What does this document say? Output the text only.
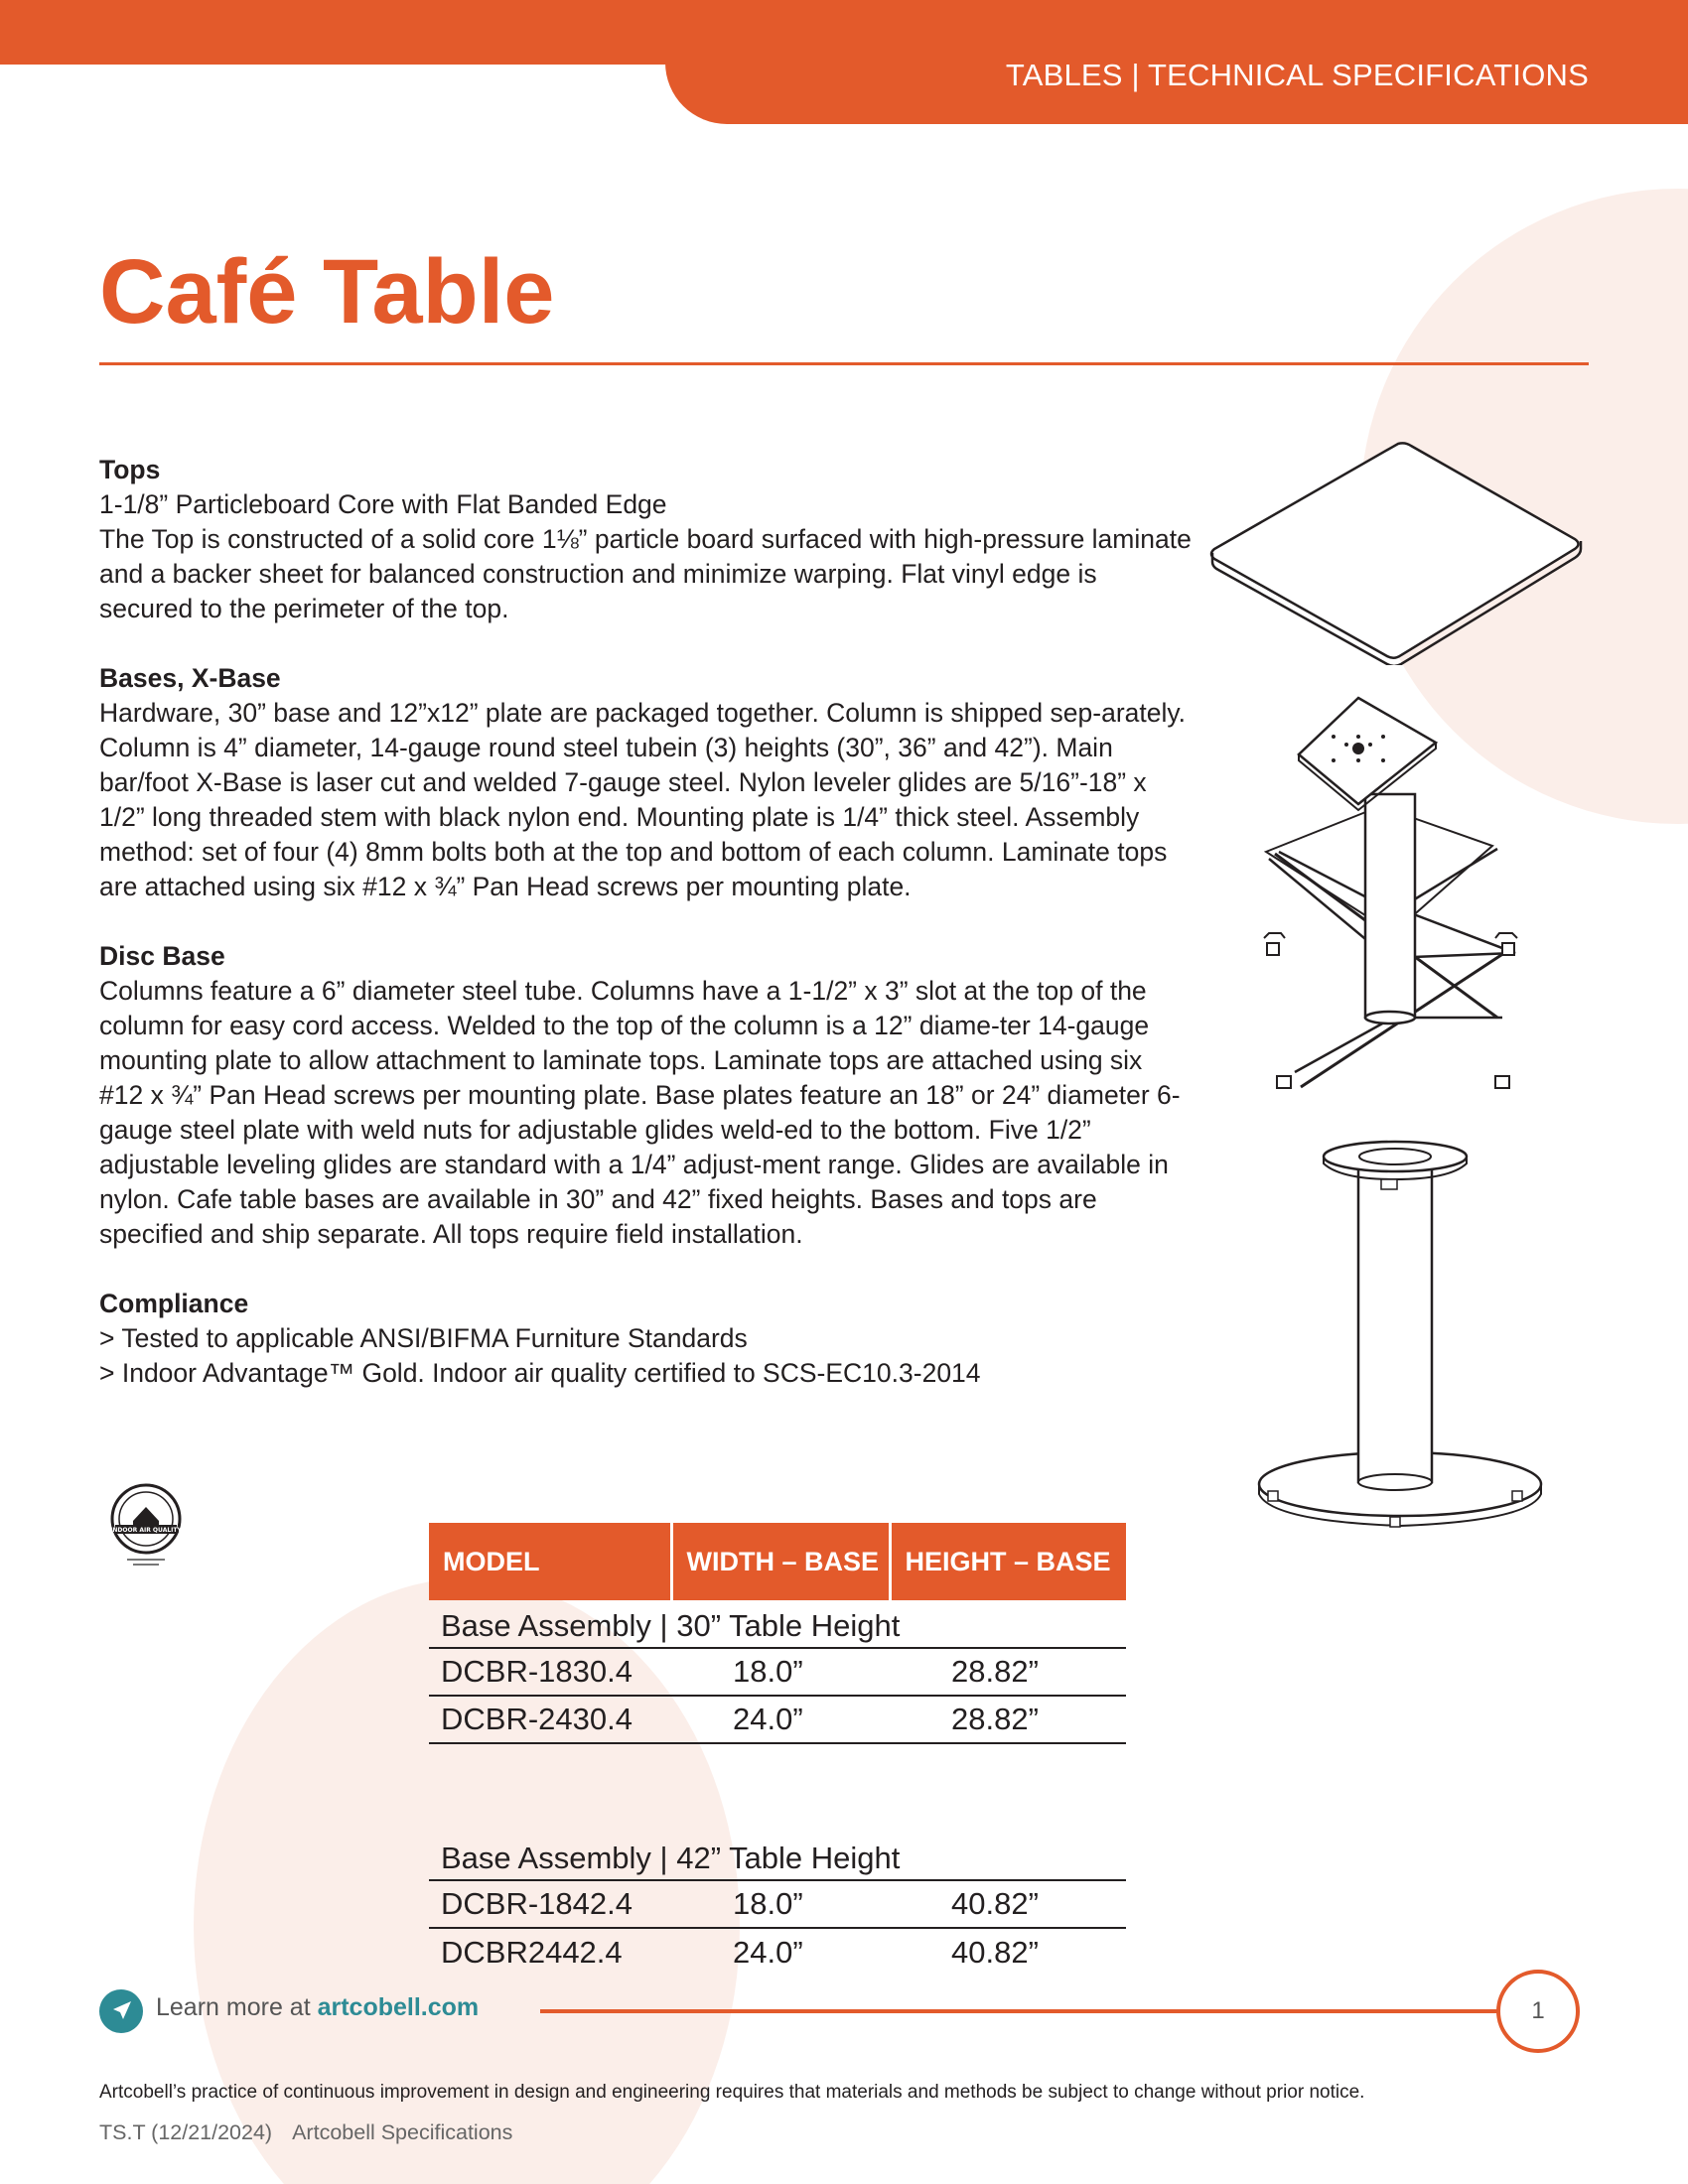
TABLES | TECHNICAL SPECIFICATIONS
Café Table
Tops

1-1/8” Particleboard Core with Flat Banded Edge
The Top is constructed of a solid core 1⅛” particle board surfaced with high-pressure laminate and a backer sheet for balanced construction and minimize warping. Flat vinyl edge is secured to the perimeter of the top.

Bases, X-Base

Hardware, 30” base and 12”x12” plate are packaged together. Column is shipped sep-arately. Column is 4” diameter, 14-gauge round steel tubein (3) heights (30”, 36” and 42”). Main bar/foot X-Base is laser cut and welded 7-gauge steel. Nylon leveler glides are 5/16”-18” x 1/2” long threaded stem with black nylon end. Mounting plate is 1/4” thick steel. Assembly method: set of four (4) 8mm bolts both at the top and bottom of each column. Laminate tops are attached using six #12 x ¾” Pan Head screws per mounting plate.

Disc Base

Columns feature a 6” diameter steel tube. Columns have a 1-1/2” x 3” slot at the top of the column for easy cord access. Welded to the top of the column is a 12” diame-ter 14-gauge mounting plate to allow attachment to laminate tops. Laminate tops are attached using six #12 x ¾” Pan Head screws per mounting plate. Base plates feature an 18” or 24” diameter 6-gauge steel plate with weld nuts for adjustable glides weld-ed to the bottom. Five 1/2” adjustable leveling glides are standard with a 1/4” adjust-ment range. Glides are available in nylon. Cafe table bases are available in 30” and 42” fixed heights. Bases and tops are specified and ship separate. All tops require field installation.

Compliance

> Tested to applicable ANSI/BIFMA Furniture Standards
> Indoor Advantage™ Gold. Indoor air quality certified to SCS-EC10.3-2014

INDOOR AIR QUALITY
MODEL	WIDTH – BASE	HEIGHT – BASE
Base Assembly | 30” Table Height		
DCBR-1830.4	18.0”	28.82”
DCBR-2430.4	24.0”	28.82”

Base Assembly | 42” Table Height		
DCBR-1842.4	18.0”	40.82”
DCBR2442.4	24.0”	40.82”
Learn more at artcobell.com	1
Artcobell’s practice of continuous improvement in design and engineering requires that materials and methods be subject to change without prior notice.
TS.T (12/21/2024) Artcobell Specifications
